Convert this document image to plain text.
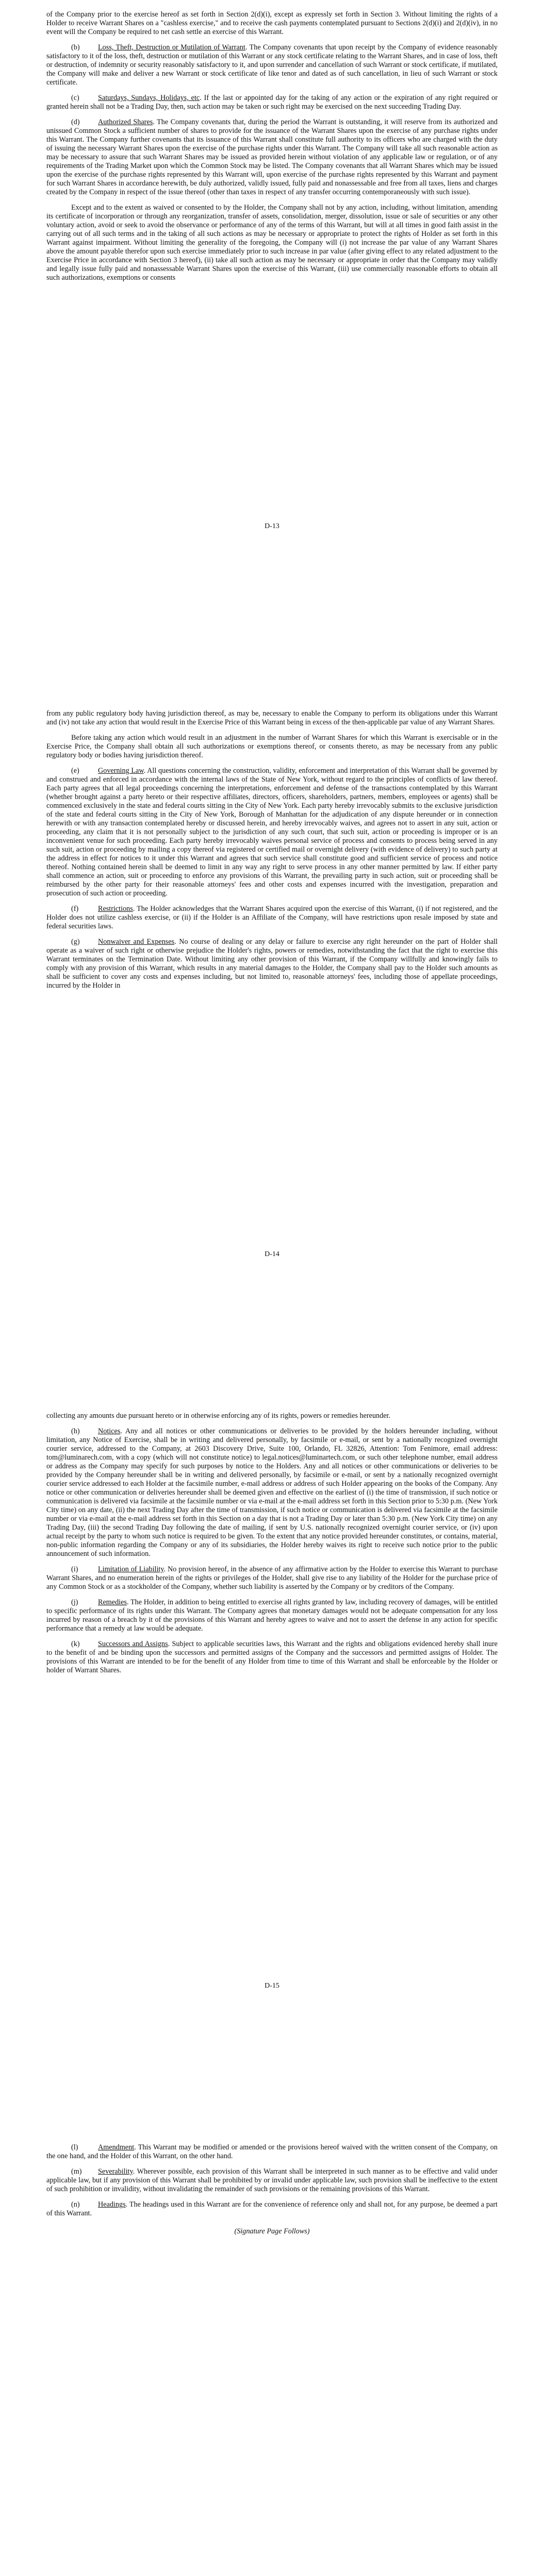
of the Company prior to the exercise hereof as set forth in Section 2(d)(i), except as expressly set forth in Section 3. Without limiting the rights of a Holder to receive Warrant Shares on a "cashless exercise," and to receive the cash payments contemplated pursuant to Sections 2(d)(i) and 2(d)(iv), in no event will the Company be required to net cash settle an exercise of this Warrant.

(b) Loss, Theft, Destruction or Mutilation of Warrant. The Company covenants that upon receipt by the Company of evidence reasonably satisfactory to it of the loss, theft, destruction or mutilation of this Warrant or any stock certificate relating to the Warrant Shares, and in case of loss, theft or destruction, of indemnity or security reasonably satisfactory to it, and upon surrender and cancellation of such Warrant or stock certificate, if mutilated, the Company will make and deliver a new Warrant or stock certificate of like tenor and dated as of such cancellation, in lieu of such Warrant or stock certificate.

(c)	Saturdays, Sundays, Holidays, etc. If the last or appointed day for the taking of any action or the expiration of any right required or granted herein shall not be a Trading Day, then, such action may be taken or such right may be exercised on the next succeeding Trading Day.

(d) Authorized Shares. The Company covenants that, during the period the Warrant is outstanding, it will reserve from its authorized and unissued Common Stock a sufficient number of shares to provide for the issuance of the Warrant Shares upon the exercise of any purchase rights under this Warrant. The Company further covenants that its issuance of this Warrant shall constitute full authority to its officers who are charged with the duty of issuing the necessary Warrant Shares upon the exercise of the purchase rights under this Warrant. The Company will take all such reasonable action as may be necessary to assure that such Warrant Shares may be issued as provided herein without violation of any applicable law or regulation, or of any requirements of the Trading Market upon which the Common Stock may be listed. The Company covenants that all Warrant Shares which may be issued upon the exercise of the purchase rights represented by this Warrant will, upon exercise of the purchase rights represented by this Warrant and payment for such Warrant Shares in accordance herewith, be duly authorized, validly issued, fully paid and nonassessable and free from all taxes, liens and charges created by the Company in respect of the issue thereof (other than taxes in respect of any transfer occurring contemporaneously with such issue).

Except and to the extent as waived or consented to by the Holder, the Company shall not by any action, including, without limitation, amending its certificate of incorporation or through any reorganization, transfer of assets, consolidation, merger, dissolution, issue or sale of securities or any other voluntary action, avoid or seek to avoid the observance or performance of any of the terms of this Warrant, but will at all times in good faith assist in the carrying out of all such terms and in the taking of all such actions as may be necessary or appropriate to protect the rights of Holder as set forth in this Warrant against impairment. Without limiting the generality of the foregoing, the Company will (i) not increase the par value of any Warrant Shares above the amount payable therefor upon such exercise immediately prior to such increase in par value (after giving effect to any related adjustment to the Exercise Price in accordance with Section 3 hereof), (ii) take all such action as may be necessary or appropriate in order that the Company may validly and legally issue fully paid and nonassessable Warrant Shares upon the exercise of this Warrant, (iii) use commercially reasonable efforts to obtain all such authorizations, exemptions or consents

D-13

from any public regulatory body having jurisdiction thereof, as may be, necessary to enable the Company to perform its obligations under this Warrant and (iv) not take any action that would result in the Exercise Price of this Warrant being in excess of the then-applicable par value of any Warrant Shares.

Before taking any action which would result in an adjustment in the number of Warrant Shares for which this Warrant is exercisable or in the Exercise Price, the Company shall obtain all such authorizations or exemptions thereof, or consents thereto, as may be necessary from any public regulatory body or bodies having jurisdiction thereof.

(e)	Governing Law. All questions concerning the construction, validity, enforcement and interpretation of this Warrant shall be governed by and construed and enforced in accordance with the internal laws of the State of New York, without regard to the principles of conflicts of law thereof. Each party agrees that all legal proceedings concerning the interpretations, enforcement and defense of the transactions contemplated by this Warrant (whether brought against a party hereto or their respective affiliates, directors, officers, shareholders, partners, members, employees or agents) shall be commenced exclusively in the state and federal courts sitting in the City of New York. Each party hereby irrevocably submits to the exclusive jurisdiction of the state and federal courts sitting in the City of New York, Borough of Manhattan for the adjudication of any dispute hereunder or in connection herewith or with any transaction contemplated hereby or discussed herein, and hereby irrevocably waives, and agrees not to assert in any suit, action or proceeding, any claim that it is not personally subject to the jurisdiction of any such court, that such suit, action or proceeding is improper or is an inconvenient venue for such proceeding. Each party hereby irrevocably waives personal service of process and consents to process being served in any such suit, action or proceeding by mailing a copy thereof via registered or certified mail or overnight delivery (with evidence of delivery) to such party at the address in effect for notices to it under this Warrant and agrees that such service shall constitute good and sufficient service of process and notice thereof. Nothing contained herein shall be deemed to limit in any way any right to serve process in any other manner permitted by law. If either party shall commence an action, suit or proceeding to enforce any provisions of this Warrant, the prevailing party in such action, suit or proceeding shall be reimbursed by the other party for their reasonable attorneys' fees and other costs and expenses incurred with the investigation, preparation and prosecution of such action or proceeding.

(f)	Restrictions. The Holder acknowledges that the Warrant Shares acquired upon the exercise of this Warrant, (i) if not registered, and the Holder does not utilize cashless exercise, or (ii) if the Holder is an Affiliate of the Company, will have restrictions upon resale imposed by state and federal securities laws.

(g) Nonwaiver and Expenses. No course of dealing or any delay or failure to exercise any right hereunder on the part of Holder shall operate as a waiver of such right or otherwise prejudice the Holder's rights, powers or remedies, notwithstanding the fact that the right to exercise this Warrant terminates on the Termination Date. Without limiting any other provision of this Warrant, if the Company willfully and knowingly fails to comply with any provision of this Warrant, which results in any material damages to the Holder, the Company shall pay to the Holder such amounts as shall be sufficient to cover any costs and expenses including, but not limited to, reasonable attorneys' fees, including those of appellate proceedings, incurred by the Holder in

D-14

collecting any amounts due pursuant hereto or in otherwise enforcing any of its rights, powers or remedies hereunder.

(h) Notices. Any and all notices or other communications or deliveries to be provided by the holders hereunder including, without limitation, any Notice of Exercise, shall be in writing and delivered personally, by facsimile or e-mail, or sent by a nationally recognized overnight courier service, addressed to the Company, at 2603 Discovery Drive, Suite 100, Orlando, FL 32826, Attention: Tom Fenimore, email address: tom@luminarech.com, with a copy (which will not constitute notice) to legal.notices@luminartech.com, or such other telephone number, email address or address as the Company may specify for such purposes by notice to the Holders. Any and all notices or other communications or deliveries to be provided by the Company hereunder shall be in writing and delivered personally, by facsimile or e-mail, or sent by a nationally recognized overnight courier service addressed to each Holder at the facsimile number, e-mail address or address of such Holder appearing on the books of the Company. Any notice or other communication or deliveries hereunder shall be deemed given and effective on the earliest of (i) the time of transmission, if such notice or communication is delivered via facsimile at the facsimile number or via e-mail at the e-mail address set forth in this Section prior to 5:30 p.m. (New York City time) on any date, (ii) the next Trading Day after the time of transmission, if such notice or communication is delivered via facsimile at the facsimile number or via e-mail at the e-mail address set forth in this Section on a day that is not a Trading Day or later than 5:30 p.m. (New York City time) on any Trading Day, (iii) the second Trading Day following the date of mailing, if sent by U.S. nationally recognized overnight courier service, or (iv) upon actual receipt by the party to whom such notice is required to be given. To the extent that any notice provided hereunder constitutes, or contains, material, non-public information regarding the Company or any of its subsidiaries, the Holder hereby waives its right to receive such notice prior to the public announcement of such information.

(i)	Limitation of Liability. No provision hereof, in the absence of any affirmative action by the Holder to exercise this Warrant to purchase Warrant Shares, and no enumeration herein of the rights or privileges of the Holder, shall give rise to any liability of the Holder for the purchase price of any Common Stock or as a stockholder of the Company, whether such liability is asserted by the Company or by creditors of the Company.

(j)	Remedies. The Holder, in addition to being entitled to exercise all rights granted by law, including recovery of damages, will be entitled to specific performance of its rights under this Warrant. The Company agrees that monetary damages would not be adequate compensation for any loss incurred by reason of a breach by it of the provisions of this Warrant and hereby agrees to waive and not to assert the defense in any action for specific performance that a remedy at law would be adequate.

(k) Successors and Assigns. Subject to applicable securities laws, this Warrant and the rights and obligations evidenced hereby shall inure to the benefit of and be binding upon the successors and permitted assigns of the Company and the successors and permitted assigns of Holder. The provisions of this Warrant are intended to be for the benefit of any Holder from time to time of this Warrant and shall be enforceable by the Holder or holder of Warrant Shares.

D-15

(l)	Amendment. This Warrant may be modified or amended or the provisions hereof waived with the written consent of the Company, on the one hand, and the Holder of this Warrant, on the other hand.

(m) Severability. Wherever possible, each provision of this Warrant shall be interpreted in such manner as to be effective and valid under applicable law, but if any provision of this Warrant shall be prohibited by or invalid under applicable law, such provision shall be ineffective to the extent of such prohibition or invalidity, without invalidating the remainder of such provisions or the remaining provisions of this Warrant.

(n) Headings. The headings used in this Warrant are for the convenience of reference only and shall not, for any purpose, be deemed a part of this Warrant.

(Signature Page Follows)
